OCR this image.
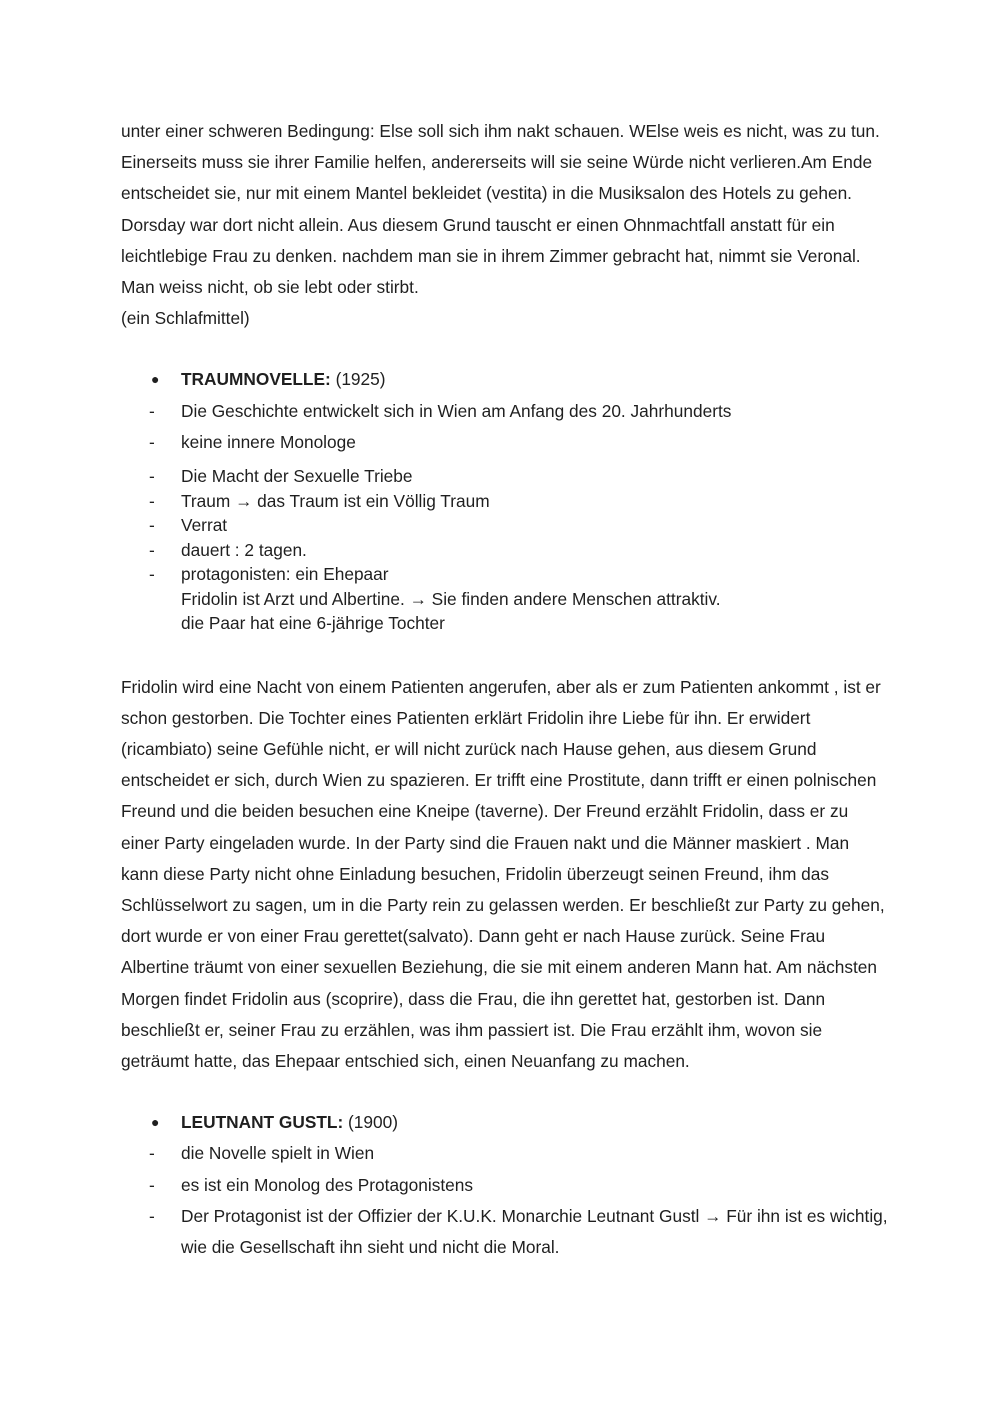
unter einer schweren Bedingung: Else soll sich ihm nakt schauen. WElse weis es nicht, was zu tun. Einerseits muss sie ihrer Familie helfen, andererseits will sie seine Würde nicht verlieren.Am Ende entscheidet sie, nur mit einem Mantel bekleidet (vestita) in die Musiksalon des Hotels zu gehen. Dorsday war dort nicht allein. Aus diesem Grund tauscht er einen Ohnmachtfall anstatt für ein leichtlebige Frau zu denken. nachdem man sie in ihrem Zimmer gebracht hat, nimmt sie Veronal. Man weiss nicht, ob sie lebt oder stirbt.

(ein Schlafmittel)

●	TRAUMNOVELLE: (1925)
-	Die Geschichte entwickelt sich in Wien am Anfang des 20. Jahrhunderts
-	keine innere Monologe
-	Die Macht der Sexuelle Triebe
-	Traum → das Traum ist ein Völlig Traum
-	Verrat
-	dauert : 2 tagen.
-	protagonisten: ein Ehepaar
Fridolin ist Arzt und Albertine. → Sie finden andere Menschen attraktiv.
die Paar hat eine 6-jährige Tochter

Fridolin wird eine Nacht von einem Patienten angerufen, aber als er zum Patienten ankommt , ist er schon gestorben. Die Tochter eines Patienten erklärt Fridolin ihre Liebe für ihn. Er erwidert (ricambiato) seine Gefühle nicht, er will nicht zurück nach Hause gehen, aus diesem Grund entscheidet er sich, durch Wien zu spazieren. Er trifft eine Prostitute, dann trifft er einen polnischen Freund und die beiden besuchen eine Kneipe (taverne). Der Freund erzählt Fridolin, dass er zu einer Party eingeladen wurde. In der Party sind die Frauen nakt und die Männer maskiert . Man kann diese Party nicht ohne Einladung besuchen, Fridolin überzeugt seinen Freund, ihm das Schlüsselwort zu sagen, um in die Party rein zu gelassen werden. Er beschließt zur Party zu gehen, dort wurde er von einer Frau gerettet(salvato). Dann geht er nach Hause zurück. Seine Frau Albertine träumt von einer sexuellen Beziehung, die sie mit einem anderen Mann hat. Am nächsten Morgen findet Fridolin aus (scoprire), dass die Frau, die ihn gerettet hat, gestorben ist. Dann beschließt er, seiner Frau zu erzählen, was ihm passiert ist. Die Frau erzählt ihm, wovon sie geträumt hatte, das Ehepaar entschied sich, einen Neuanfang zu machen.

●	LEUTNANT GUSTL: (1900)
-	die Novelle spielt in Wien
-	es ist ein Monolog des Protagonistens
-	Der Protagonist ist der Offizier der K.U.K. Monarchie Leutnant Gustl → Für ihn ist es wichtig, wie die Gesellschaft ihn sieht und nicht die Moral.
